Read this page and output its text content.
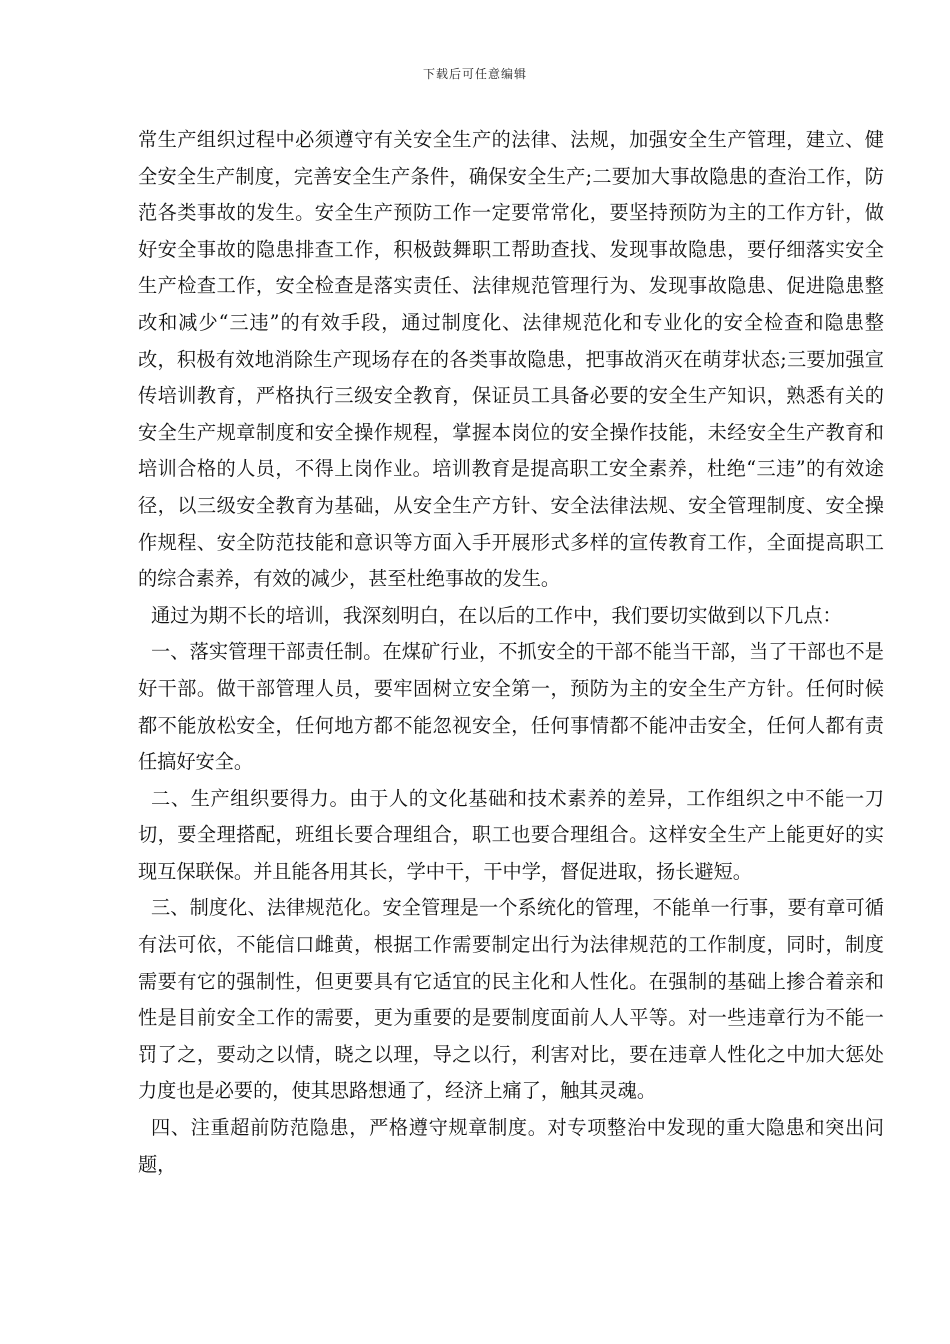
下载后可任意编辑

常生产组织过程中必须遵守有关安全生产的法律、法规，加强安全生产管理，建立、健全安全生产制度，完善安全生产条件，确保安全生产;二要加大事故隐患的查治工作，防范各类事故的发生。安全生产预防工作一定要常常化，要坚持预防为主的工作方针，做好安全事故的隐患排查工作，积极鼓舞职工帮助查找、发现事故隐患，要仔细落实安全生产检查工作，安全检查是落实责任、法律规范管理行为、发现事故隐患、促进隐患整改和减少“三违”的有效手段，通过制度化、法律规范化和专业化的安全检查和隐患整改，积极有效地消除生产现场存在的各类事故隐患，把事故消灭在萌芽状态;三要加强宣传培训教育，严格执行三级安全教育，保证员工具备必要的安全生产知识，熟悉有关的安全生产规章制度和安全操作规程，掌握本岗位的安全操作技能，未经安全生产教育和培训合格的人员，不得上岗作业。培训教育是提高职工安全素养，杜绝“三违”的有效途径，以三级安全教育为基础，从安全生产方针、安全法律法规、安全管理制度、安全操作规程、安全防范技能和意识等方面入手开展形式多样的宣传教育工作，全面提高职工的综合素养，有效的减少，甚至杜绝事故的发生。

通过为期不长的培训，我深刻明白，在以后的工作中，我们要切实做到以下几点：

一、落实管理干部责任制。在煤矿行业，不抓安全的干部不能当干部，当了干部也不是好干部。做干部管理人员，要牢固树立安全第一，预防为主的安全生产方针。任何时候都不能放松安全，任何地方都不能忽视安全，任何事情都不能冲击安全，任何人都有责任搞好安全。

二、生产组织要得力。由于人的文化基础和技术素养的差异，工作组织之中不能一刀切，要全理搭配，班组长要合理组合，职工也要合理组合。这样安全生产上能更好的实现互保联保。并且能各用其长，学中干，干中学，督促进取，扬长避短。

三、制度化、法律规范化。安全管理是一个系统化的管理，不能单一行事，要有章可循有法可依，不能信口雌黄，根据工作需要制定出行为法律规范的工作制度，同时，制度需要有它的强制性，但更要具有它适宜的民主化和人性化。在强制的基础上掺合着亲和性是目前安全工作的需要，更为重要的是要制度面前人人平等。对一些违章行为不能一罚了之，要动之以情，晓之以理，导之以行，利害对比，要在违章人性化之中加大惩处力度也是必要的，使其思路想通了，经济上痛了，触其灵魂。

四、注重超前防范隐患，严格遵守规章制度。对专项整治中发现的重大隐患和突出问题，
